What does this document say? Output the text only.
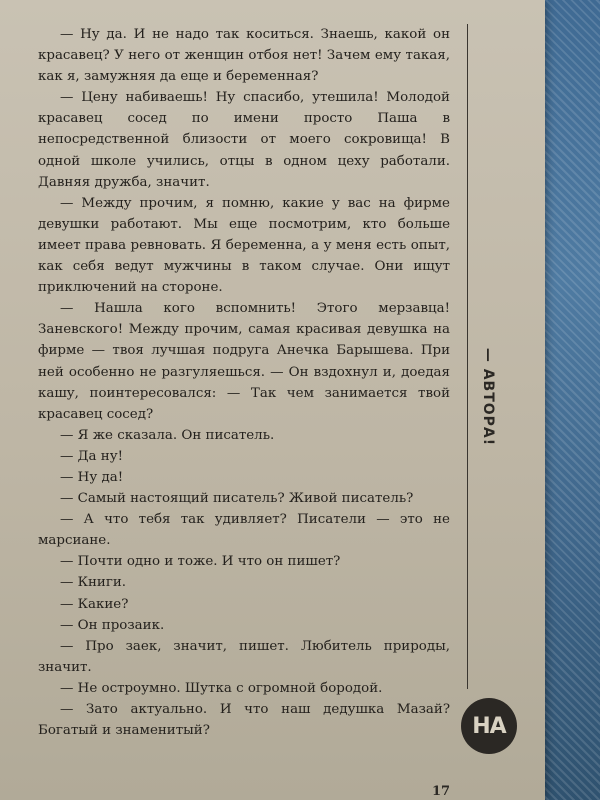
— Ну да. И не надо так коситься. Знаешь, какой он красавец? У него от женщин отбоя нет! Зачем ему такая, как я, замужняя да еще и беременная?

— Цену набиваешь! Ну спасибо, утешила! Молодой красавец сосед по имени просто Паша в непосредственной близости от моего сокровища! В одной школе учились, отцы в одном цеху работали. Давняя дружба, значит.

— Между прочим, я помню, какие у вас на фирме девушки работают. Мы еще посмотрим, кто больше имеет права ревновать. Я беременна, а у меня есть опыт, как себя ведут мужчины в таком случае. Они ищут приключений на стороне.

— Нашла кого вспомнить! Этого мерзавца! Заневского! Между прочим, самая красивая девушка на фирме — твоя лучшая подруга Анечка Барышева. При ней особенно не разгуляешься. — Он вздохнул и, доедая кашу, поинтересовался: — Так чем занимается твой красавец сосед?

— Я же сказала. Он писатель.

— Да ну!

— Ну да!

— Самый настоящий писатель? Живой писатель?

— А что тебя так удивляет? Писатели — это не марсиане.

— Почти одно и тоже. И что он пишет?

— Книги.

— Какие?

— Он прозаик.

— Про заек, значит, пишет. Любитель природы, значит.

— Не остроумно. Шутка с огромной бородой.

— Зато актуально. И что наш дедушка Мазай? Богатый и знаменитый?

— АВТОРА!
НА
17
